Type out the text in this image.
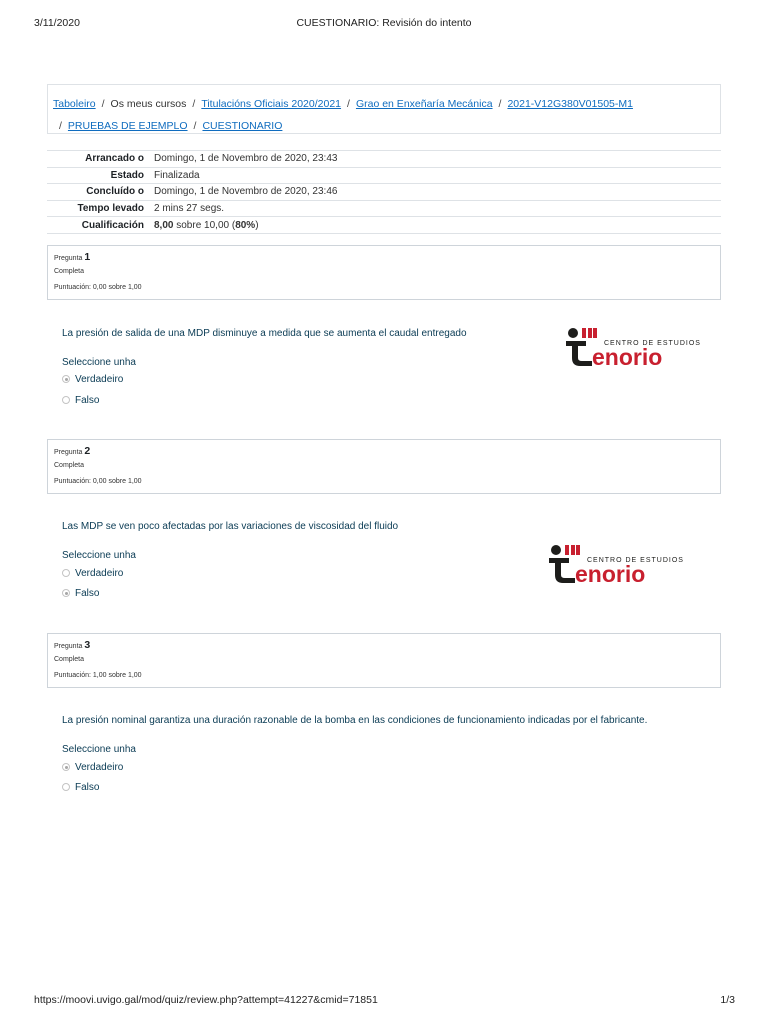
3/11/2020	CUESTIONARIO: Revisión do intento
Taboleiro / Os meus cursos / Titulacións Oficiais 2020/2021 / Grao en Enxeñaría Mecánica / 2021-V12G380V01505-M1
/ PRUEBAS DE EJEMPLO / CUESTIONARIO
Arrancado o	Domingo, 1 de Novembro de 2020, 23:43
Estado	Finalizada
Concluído o	Domingo, 1 de Novembro de 2020, 23:46
Tempo levado	2 mins 27 segs.
Cualificación	8,00 sobre 10,00 (80%)
Pregunta 1
Completa
Puntuación: 0,00 sobre 1,00
La presión de salida de una MDP disminuye a medida que se aumenta el caudal entregado
Seleccione unha
Verdadeiro
Falso
CENTRO DE ESTUDIOS
enorio
Pregunta 2
Completa
Puntuación: 0,00 sobre 1,00
Las MDP se ven poco afectadas por las variaciones de viscosidad del fluido
Seleccione unha
Verdadeiro
Falso
CENTRO DE ESTUDIOS
enorio
Pregunta 3
Completa
Puntuación: 1,00 sobre 1,00
La presión nominal garantiza una duración razonable de la bomba en las condiciones de funcionamiento indicadas por el fabricante.
Seleccione unha
Verdadeiro
Falso
https://moovi.uvigo.gal/mod/quiz/review.php?attempt=41227&cmid=71851	1/3
